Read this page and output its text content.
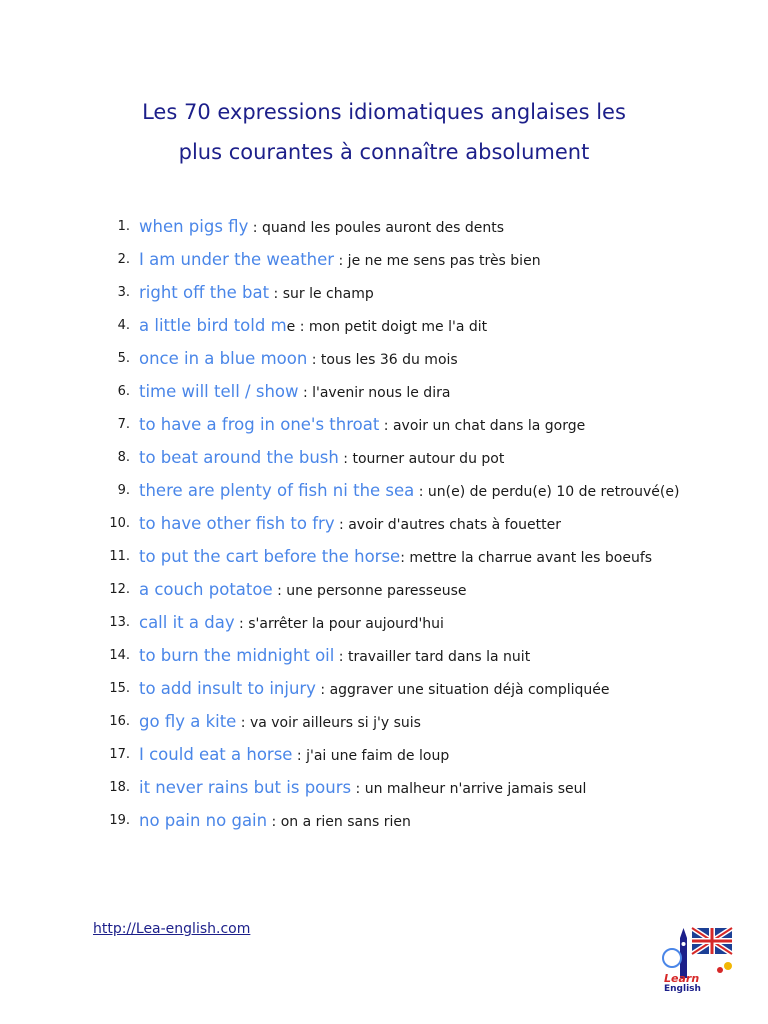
Les 70 expressions idiomatiques anglaises les
plus courantes à connaître absolument
1. when pigs fly : quand les poules auront des dents
2. I am under the weather : je ne me sens pas très bien
3. right off the bat : sur le champ
4. a little bird told me : mon petit doigt me l'a dit
5. once in a blue moon : tous les 36 du mois
6. time will tell / show : l'avenir nous le dira
7. to have a frog in one's throat : avoir un chat dans la gorge
8. to beat around the bush : tourner autour du pot
9. there are plenty of fish ni the sea : un(e) de perdu(e) 10 de retrouvé(e)
10. to have other fish to fry : avoir d'autres chats à fouetter
11. to put the cart before the horse: mettre la charrue avant les boeufs
12. a couch potatoe : une personne paresseuse
13. call it a day : s'arrêter la pour aujourd'hui
14. to burn the midnight oil : travailler tard dans la nuit
15. to add insult to injury : aggraver une situation déjà compliquée
16. go fly a kite : va voir ailleurs si j'y suis
17. I could eat a horse : j'ai une faim de loup
18. it never rains but is pours : un malheur n'arrive jamais seul
19. no pain no gain : on a rien sans rien
http://Lea-english.com
Learn
English
